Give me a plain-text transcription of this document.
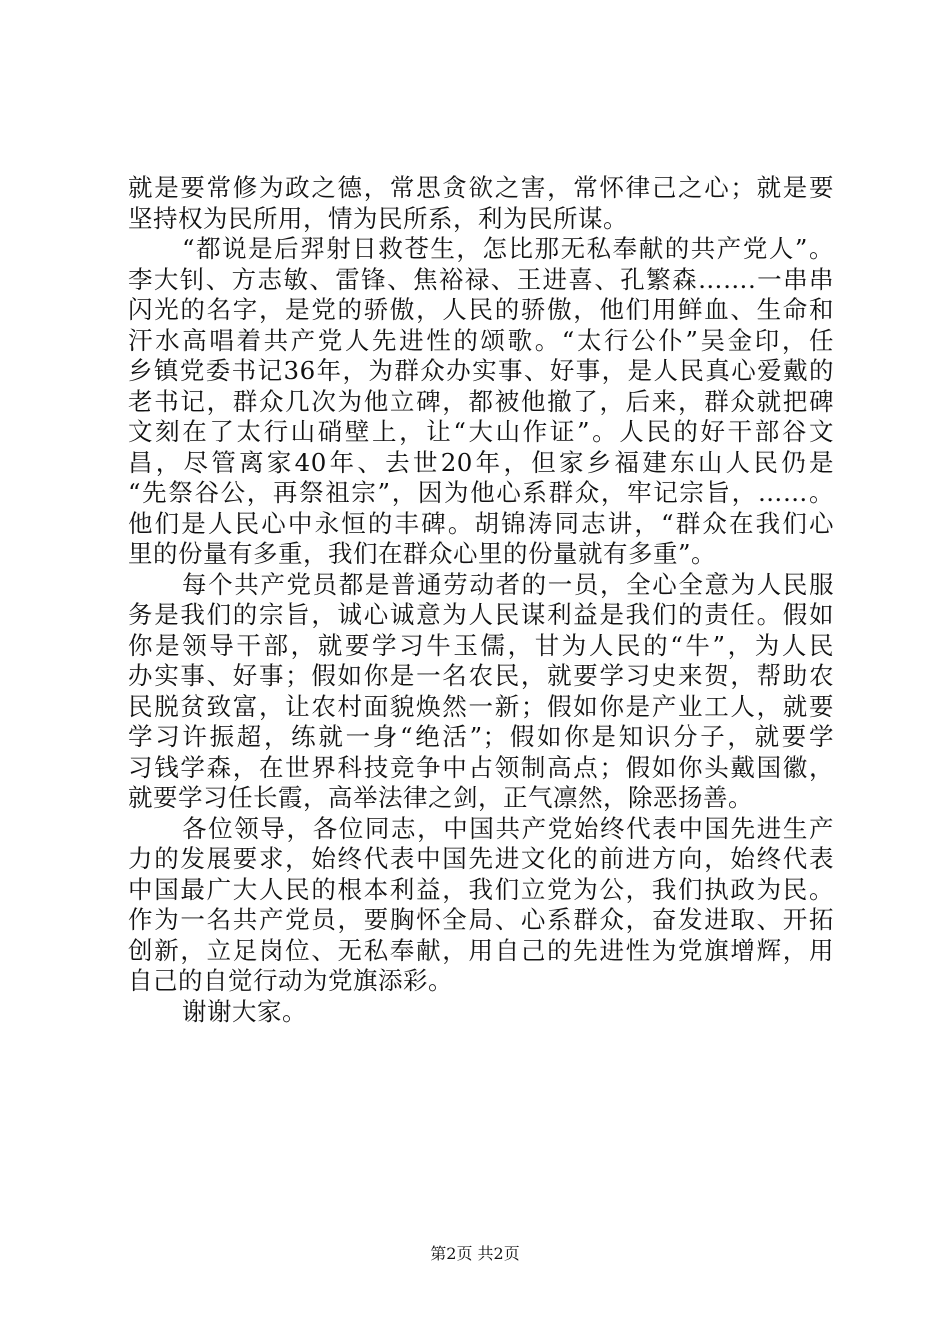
就是要常修为政之德，常思贪欲之害，常怀律己之心；就是要
坚持权为民所用，情为民所系，利为民所谋。
“都说是后羿射日救苍生，怎比那无私奉献的共产党人”。
李大钊、方志敏、雷锋、焦裕禄、王进喜、孔繁森…….一串串
闪光的名字，是党的骄傲，人民的骄傲，他们用鲜血、生命和
汗水高唱着共产党人先进性的颂歌。“太行公仆”吴金印，任
乡镇党委书记36年，为群众办实事、好事，是人民真心爱戴的
老书记，群众几次为他立碑，都被他撤了，后来，群众就把碑
文刻在了太行山硝壁上，让“大山作证”。人民的好干部谷文
昌，尽管离家40年、去世20年，但家乡福建东山人民仍是
“先祭谷公，再祭祖宗”，因为他心系群众，牢记宗旨，……。
他们是人民心中永恒的丰碑。胡锦涛同志讲，“群众在我们心
里的份量有多重，我们在群众心里的份量就有多重”。
每个共产党员都是普通劳动者的一员，全心全意为人民服
务是我们的宗旨，诚心诚意为人民谋利益是我们的责任。假如
你是领导干部，就要学习牛玉儒，甘为人民的“牛”，为人民
办实事、好事；假如你是一名农民，就要学习史来贺，帮助农
民脱贫致富，让农村面貌焕然一新；假如你是产业工人，就要
学习许振超，练就一身“绝活”；假如你是知识分子，就要学
习钱学森，在世界科技竞争中占领制高点；假如你头戴国徽，
就要学习任长霞，高举法律之剑，正气凛然，除恶扬善。
各位领导，各位同志，中国共产党始终代表中国先进生产
力的发展要求，始终代表中国先进文化的前进方向，始终代表
中国最广大人民的根本利益，我们立党为公，我们执政为民。
作为一名共产党员，要胸怀全局、心系群众，奋发进取、开拓
创新，立足岗位、无私奉献，用自己的先进性为党旗增辉，用
自己的自觉行动为党旗添彩。
谢谢大家。
第2页 共2页
